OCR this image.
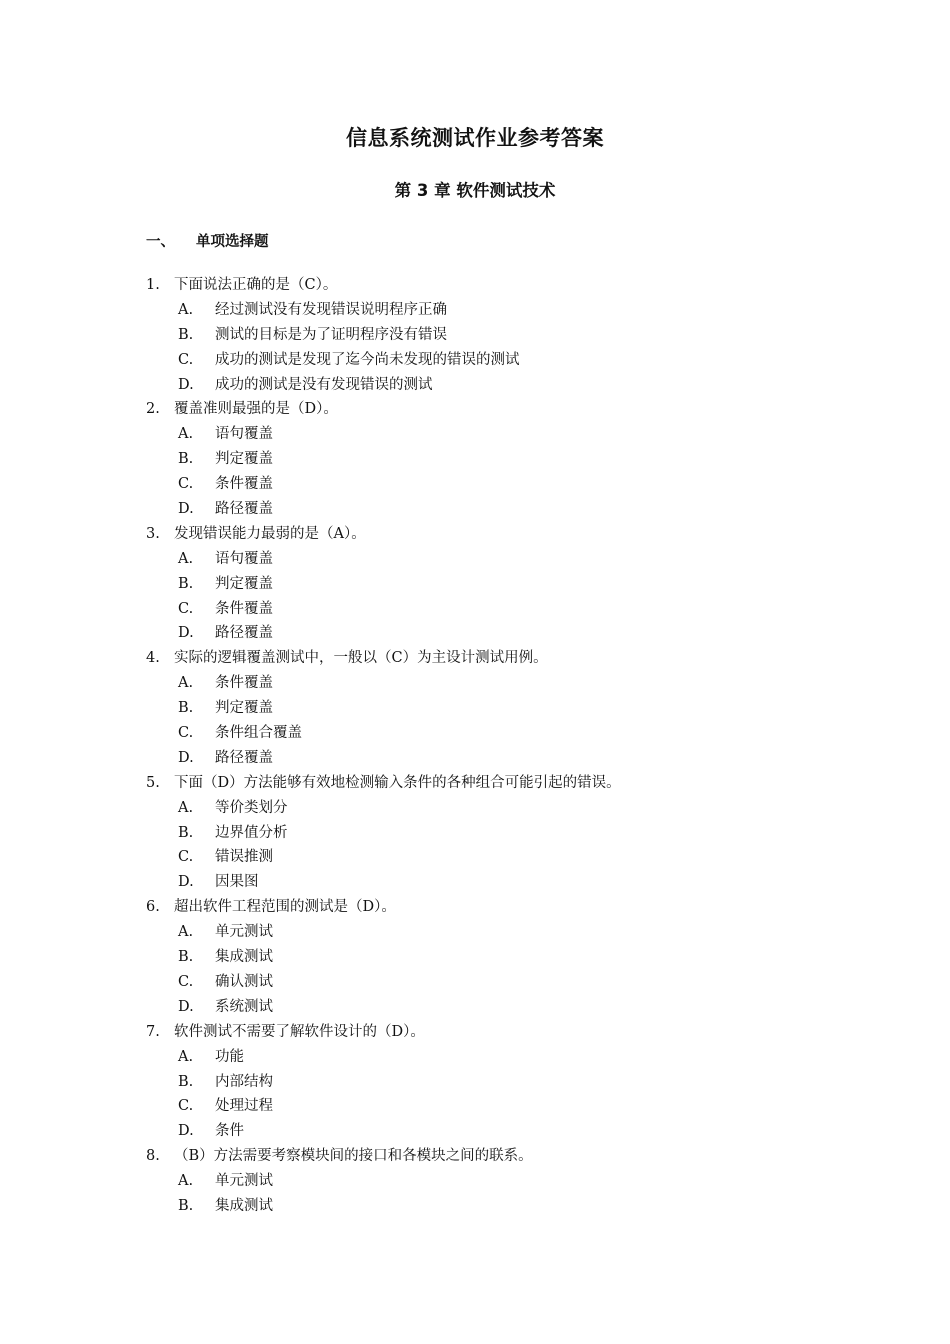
信息系统测试作业参考答案
第 3 章 软件测试技术
一、 单项选择题
1. 下面说法正确的是（C）。
A. 经过测试没有发现错误说明程序正确
B. 测试的目标是为了证明程序没有错误
C. 成功的测试是发现了迄今尚未发现的错误的测试
D. 成功的测试是没有发现错误的测试
2. 覆盖准则最强的是（D）。
A. 语句覆盖
B. 判定覆盖
C. 条件覆盖
D. 路径覆盖
3. 发现错误能力最弱的是（A）。
A. 语句覆盖
B. 判定覆盖
C. 条件覆盖
D. 路径覆盖
4. 实际的逻辑覆盖测试中，一般以（C）为主设计测试用例。
A. 条件覆盖
B. 判定覆盖
C. 条件组合覆盖
D. 路径覆盖
5. 下面（D）方法能够有效地检测输入条件的各种组合可能引起的错误。
A. 等价类划分
B. 边界值分析
C. 错误推测
D. 因果图
6. 超出软件工程范围的测试是（D）。
A. 单元测试
B. 集成测试
C. 确认测试
D. 系统测试
7. 软件测试不需要了解软件设计的（D）。
A. 功能
B. 内部结构
C. 处理过程
D. 条件
8. （B）方法需要考察模块间的接口和各模块之间的联系。
A. 单元测试
B. 集成测试
